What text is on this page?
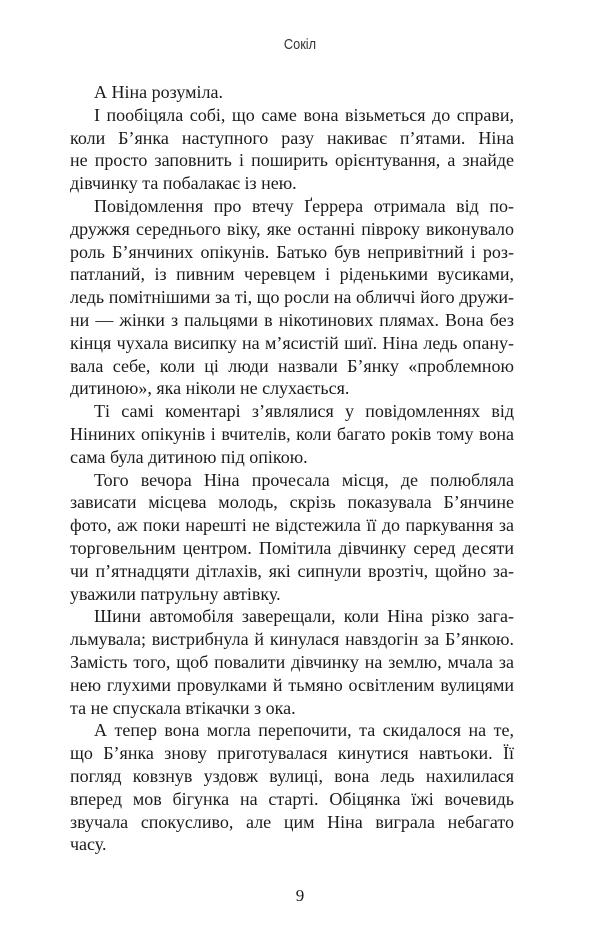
Сокіл
А Ніна розуміла.
І пообіцяла собі, що саме вона візьметься до справи,
коли Б’янка наступного разу накиває п’ятами. Ніна
не просто заповнить і поширить орієнтування, а знайде
дівчинку та побалакає із нею.
Повідомлення про втечу Ґеррера отримала від по-
дружжя середнього віку, яке останні півроку виконувало
роль Б’янчиних опікунів. Батько був непривітний і роз-
патланий, із пивним черевцем і ріденькими вусиками,
ледь помітнішими за ті, що росли на обличчі його дружи-
ни — жінки з пальцями в нікотинових плямах. Вона без
кінця чухала висипку на м’ясистій шиї. Ніна ледь опану-
вала себе, коли ці люди назвали Б’янку «проблемною
дитиною», яка ніколи не слухається.
Ті самі коментарі з’являлися у повідомленнях від
Ніниних опікунів і вчителів, коли багато років тому вона
сама була дитиною під опікою.
Того вечора Ніна прочесала місця, де полюбляла
зависати місцева молодь, скрізь показувала Б’янчине
фото, аж поки нарешті не відстежила її до паркування за
торговельним центром. Помітила дівчинку серед десяти
чи п’ятнадцяти дітлахів, які сипнули врозтіч, щойно за-
уважили патрульну автівку.
Шини автомобіля заверещали, коли Ніна різко зага-
льмувала; вистрибнула й кинулася навздогін за Б’янкою.
Замість того, щоб повалити дівчинку на землю, мчала за
нею глухими провулками й тьмяно освітленим вулицями
та не спускала втікачки з ока.
А тепер вона могла перепочити, та скидалося на те,
що Б’янка знову приготувалася кинутися навтьоки. Її
погляд ковзнув уздовж вулиці, вона ледь нахилилася
вперед мов бігунка на старті. Обіцянка їжі вочевидь
звучала спокусливо, але цим Ніна виграла небагато
часу.
9
